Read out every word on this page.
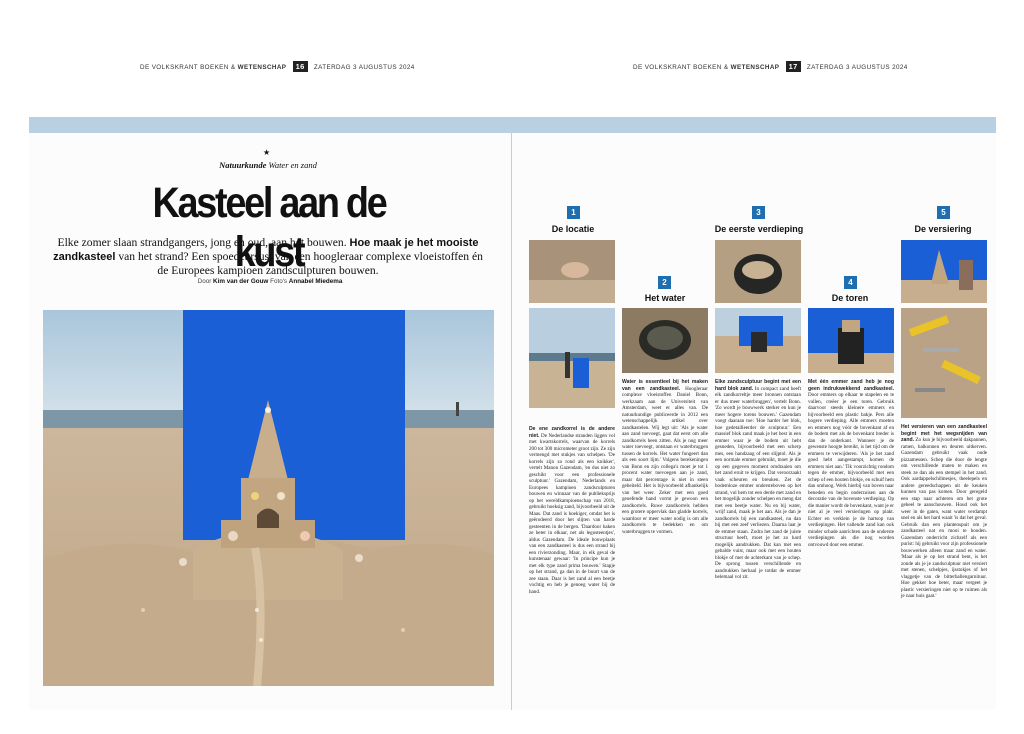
DE VOLKSKRANT BOEKEN & WETENSCHAP 16 ZATERDAG 3 AUGUSTUS 2024	DE VOLKSKRANT BOEKEN & WETENSCHAP 17 ZATERDAG 3 AUGUSTUS 2024
★
Natuurkunde Water en zand
Kasteel aan de kust
Elke zomer slaan strandgangers, jong en oud, aan het bouwen. Hoe maak je het mooiste zandkasteel van het strand? Een spoedcursus, van een hoogleraar complexe vloeistoffen én de Europees kampioen zandsculpturen bouwen.
Door Kim van der Gouw Foto's Annabel Miedema
1
De locatie
2
Het water
3
De eerste verdieping
4
De toren
5
De versiering
De ene zandkorrel is de andere niet. De Nederlandse stranden liggen vol met kwartskorrels, waarvan de korrels 200 tot 300 micrometer groot zijn. Ze zijn vermengd met stukjes van schelpen. 'De korrels zijn zo rond als een knikker', vertelt Manon Gazendam, 'en dus niet zo geschikt voor een professionele sculptuur.' Gazendam, Nederlands en Europees kampioen zandsculpturen bouwen en winnaar van de publieksprijs op het wereldkampioenschap van 2018, gebruikt hoeksig zand, bijvoorbeeld uit de Maas. Dat zand is hoekiger, omdat het is geërodeerd door het slijten van harde gesteenten in de bergen. 'Daardoor haken ze beter in elkaar, net als legosteentjes', aldus Gazendam. De ideale bouwplaats van een zandkasteel is dus een strand bij een rivierzonding. Maar, in elk geval de kunstenaar gewaar: 'In principe kun je met elk type zand prima bouwen.' Stapje op het strand, ga dan in de buurt van de zee staan. Daar is het zand al een beetje vochtig en heb je genoeg water bij de hand.
Water is essentieel bij het maken van een zandkasteel. Hoogleraar complexe vloeistoffen Daniel Bonn, werkzaam aan de Universiteit van Amsterdam, weet er alles van. De natuurkundige publiceerde in 2012 een wetenschappelijk artikel over zandkastelen. Wij legt uit: 'Als je water aan zand toevoegt, gaat dat eerst om alle zandkorrels heen zitten. Als je nog meer water toevoegt, ontstaan er waterbruggen tussen de korrels. Het water fungeert dan als een soort lijm.' Volgens berekeningen van Bonn en zijn collega's moet je tot 1 procent water toevoegen aan je zand, maar dat percentage is niet in steen gebeiteld. Het is bijvoorbeeld afhankelijk van het weer. Zeker met een goed geoefende hand vormt je gewoon een zandkorrels. Ruwe zandkorrels hebben een grotere oppervlak dan gladde korrels, waardoor er meer water nodig is om alle zandkorrels te bedekken en om waterbruggen te vormen.
Elke zandsculptuur begint met een hard blok zand. In compact zand heeft elk zandkorreltje meer bronnen ontstaan er dus meer waterbruggen', vertelt Bonn. 'Zo wordt je bouwwerk sterker en kun je meer hogere torens bouwen.' Gazendam voegt daaraan toe: 'Hoe harder het blok, hoe gedetailleerder de sculptuur.' Een massief blok zand maak je het best in een emmer waar je de bodem uit hebt gesneden, bijvoorbeeld met een scherp mes, een handzaag of een slijptol. Als je een normale emmer gebruikt, moet je die op een gegeven moment omdraaien om het zand eruit te krijgen. Dat veroorzaakt vaak scheuren en breuken. Zet de bodemloze emmer ondersteboven op het strand, vul hem tot een derde met zand en het mogelijk zonder schelpen en meng dat met een beetje water. Nu en bij water, wrijf zand, maak je het aan. Als je dan je zandkorrels bij een zandkasteel, nu dan bij met een zeef verliezen. Daarna laat je de emmer staan. Zodra het zand de juiste structuur heeft, moet je het zo hard mogelijk aandrukken. Dat kan met een gebalde vuist, maar ook met een houten blokje of met de achterkant van je schep. De sprong tussen verschillende en aandrukken herhaal je totdat de emmer helemaal vol zit.
Met één emmer zand heb je nog geen indrukwekkend zandkasteel. Door emmers op elkaar te stapelen en te vullen, creëer je een toren. Gebruik daarvoor steeds kleinere emmers en bijvoorbeeld een plastic bakje. Pers alle hogere verdieping. Alle emmers moeten en emmers nog vóór de bovenkant af en de bodem met als de bovenkant breder is dan de onderkant. Wanneer je de gewenste hoogte bereikt, is het tijd om de emmers te verwijderen. 'Als je het zand goed hebt aangestampt, komen de emmers niet aan.' Tik voorzichtig rondom tegen de emmer, bijvoorbeeld met een schep of een houten blokje, en schuif hem dan omhoog. Werk hierbij van boven naar beneden en begin onderzuisen aan de decoratie van de bovenste verdieping. Op die manier wordt de bovenkant, want je er niet al je veel versieringen op plakt. Echter en verklein je de hartsop van verdiepingen. Het vallende zand kan ook minder schade aanrichten aan de onderste verdiepingen als die nog worden ontvouwd door een emmer.
Het versieren van een zandkasteel begint met het wegsnijden van zand. Zo kun je bijvoorbeeld dakpannen, ramen, balkonnen en deuren uitkerven. Gazendam gebruikt vaak oude pizzamessen. Schep die door de lengte om verschillende maten te maken en steek ze dan als een stempel in het zand. Ook aardappelschilmesjes, theelepels en andere gereedschappen uit de keuken kunnen van pas komen. Door geregeld een stap naar achteren om het grote geheel te aanschouwen. Houd ook het weer in de gaten, want water verdampt snel en als het hard waait 'is dat het geval. Gebruik dan een plantenspuit om je zandkasteel nat en mooi te houden. Gazendam onderricht zichzelf als een purist: hij gebruikt voor zijn professionele bouwwerken alleen maar zand en water. 'Maar als je op het strand bent, is het zonde als je je zandsculptuur niet versiert met stenen, schelpjes, ijsstokjes of het vlaggetje van de bitterballengarnituur. Hoe gekker hoe beter, maar vergeet je plastic versieringen niet op te ruimen als je naar huis gaat.'
